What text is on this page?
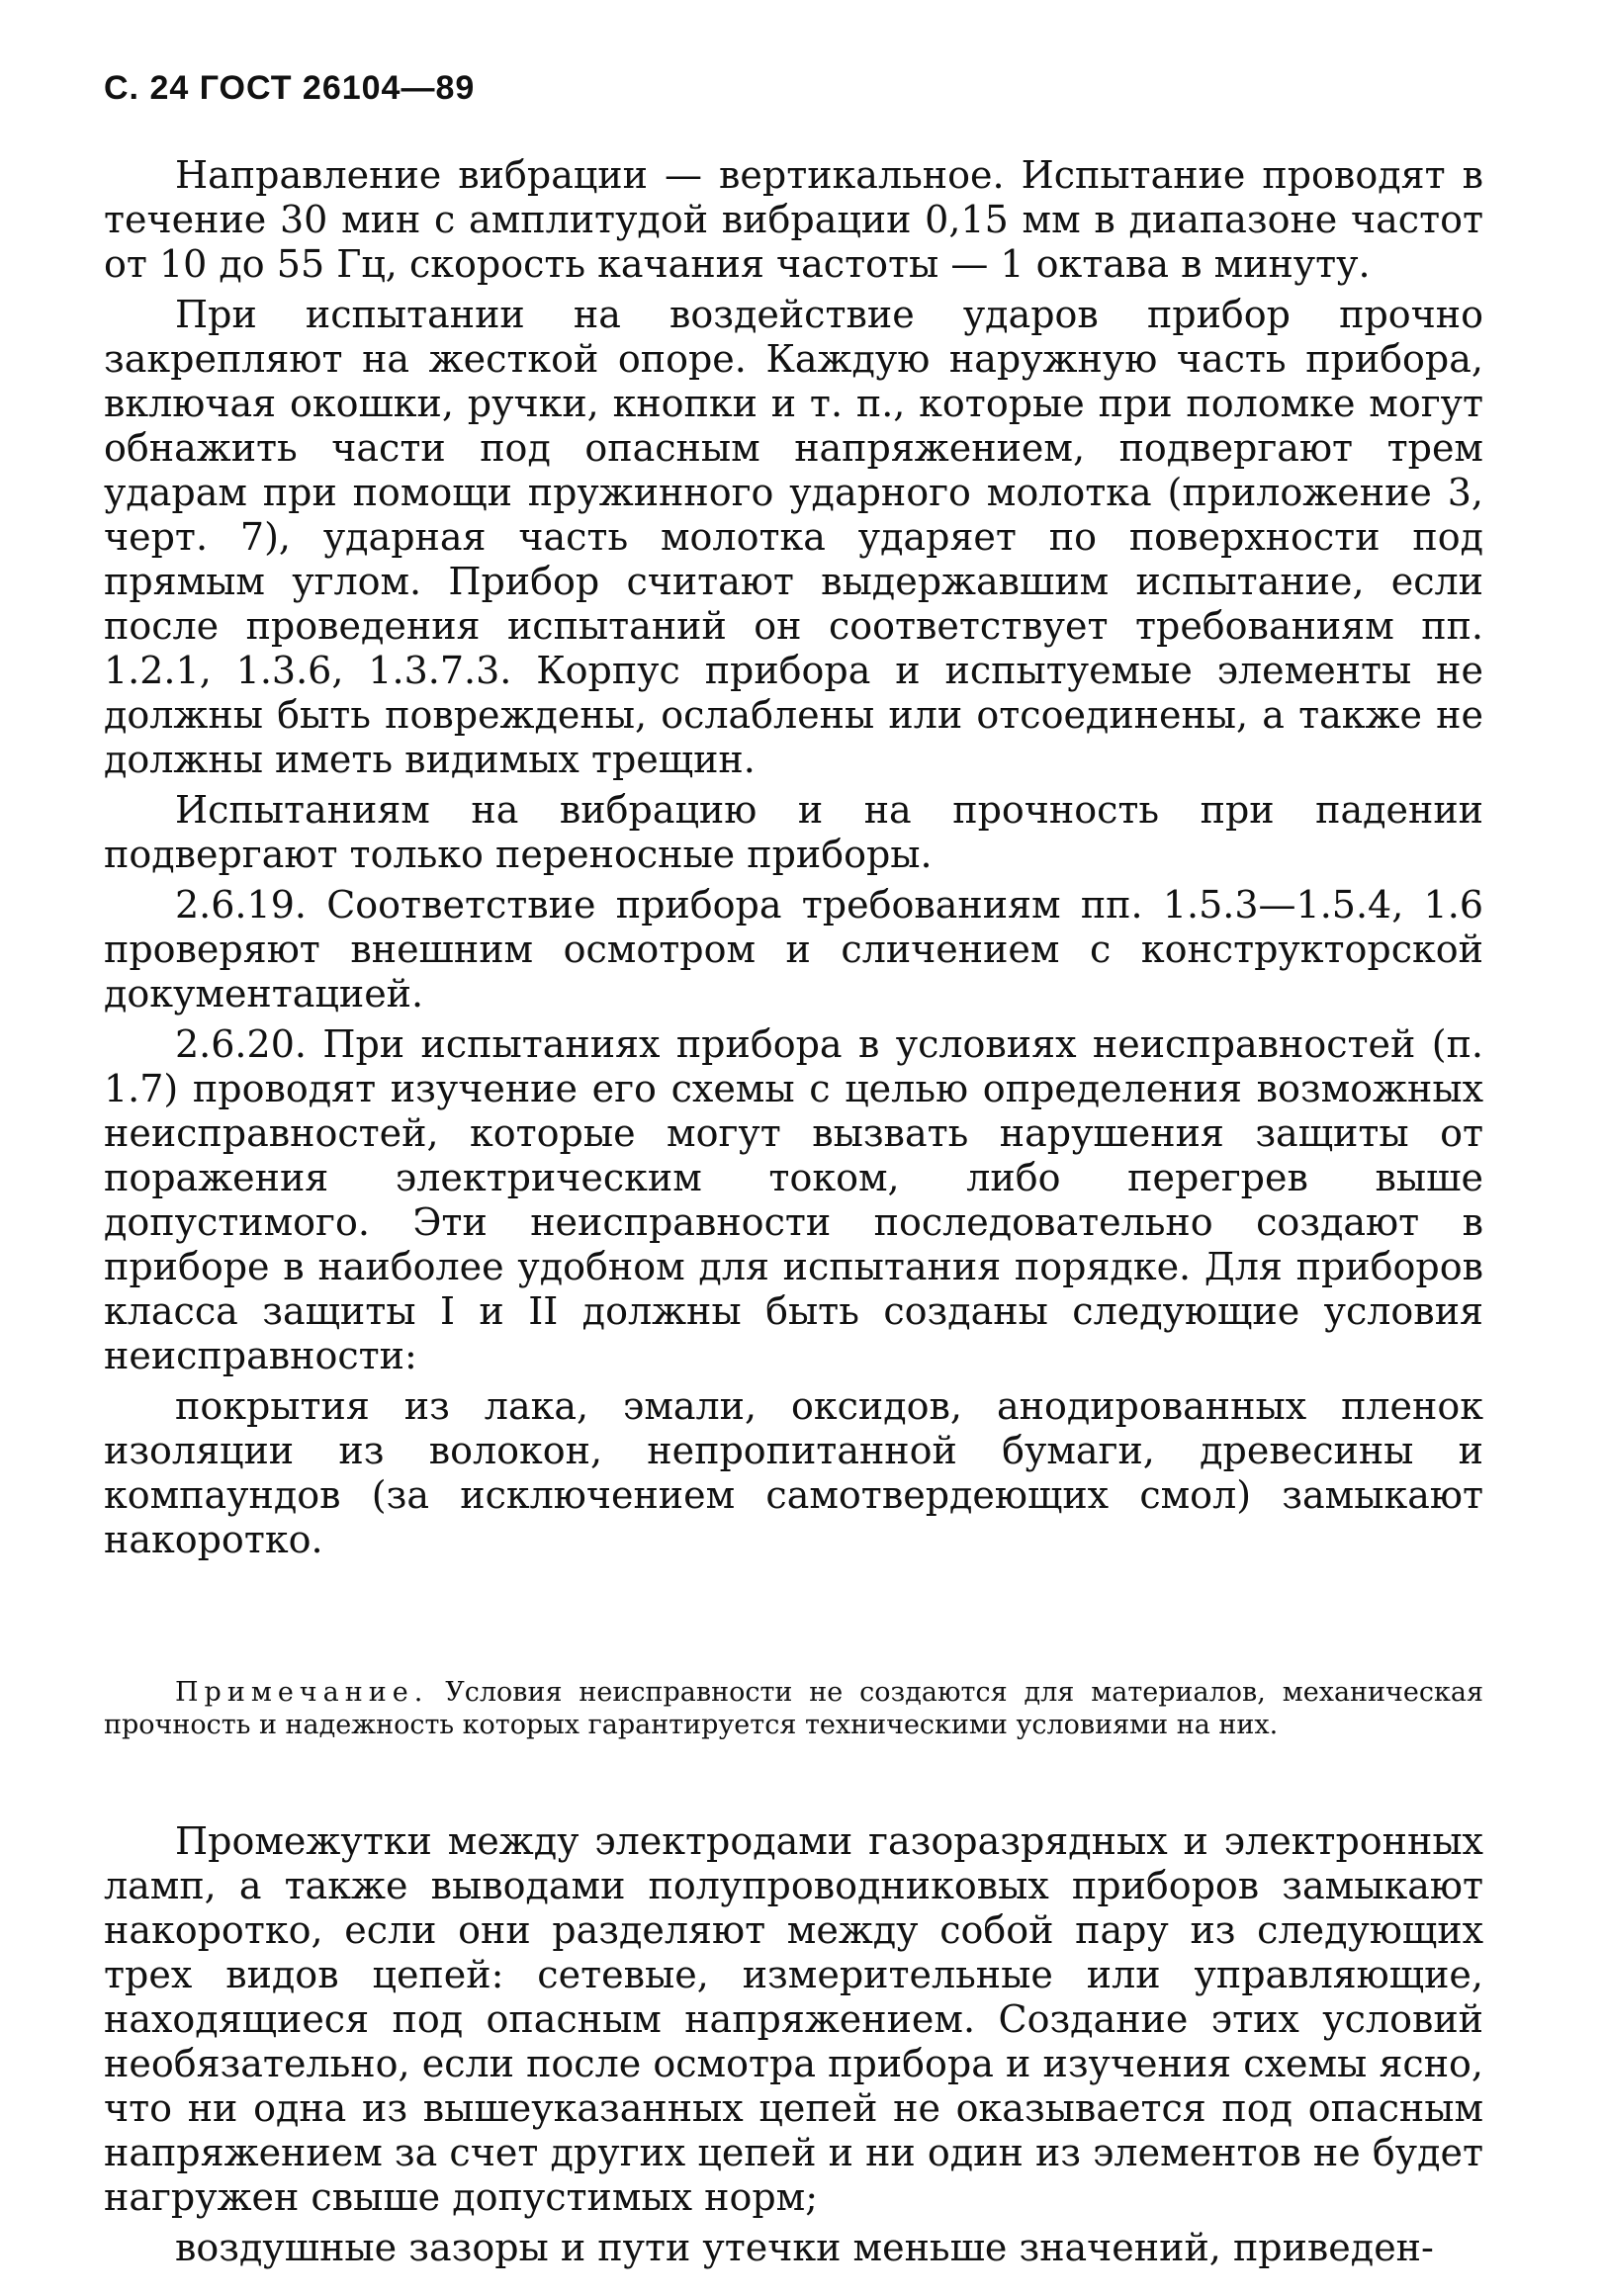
С. 24 ГОСТ 26104—89

Направление вибрации — вертикальное. Испытание проводят в течение 30 мин с амплитудой вибрации 0,15 мм в диапазоне частот от 10 до 55 Гц, скорость качания частоты — 1 октава в минуту.

При испытании на воздействие ударов прибор прочно закрепляют на жесткой опоре. Каждую наружную часть прибора, включая окошки, ручки, кнопки и т. п., которые при поломке могут обнажить части под опасным напряжением, подвергают трем ударам при помощи пружинного ударного молотка (приложение 3, черт. 7), ударная часть молотка ударяет по поверхности под прямым углом. Прибор считают выдержавшим испытание, если после проведения испытаний он соответствует требованиям пп. 1.2.1, 1.3.6, 1.3.7.3. Корпус прибора и испытуемые элементы не должны быть повреждены, ослаблены или отсоединены, а также не должны иметь видимых трещин.

Испытаниям на вибрацию и на прочность при падении подвергают только переносные приборы.

2.6.19. Соответствие прибора требованиям пп. 1.5.3—1.5.4, 1.6 проверяют внешним осмотром и сличением с конструкторской документацией.

2.6.20. При испытаниях прибора в условиях неисправностей (п. 1.7) проводят изучение его схемы с целью определения возможных неисправностей, которые могут вызвать нарушения защиты от поражения электрическим током, либо перегрев выше допустимого. Эти неисправности последовательно создают в приборе в наиболее удобном для испытания порядке. Для приборов класса защиты I и II должны быть созданы следующие условия неисправности:

покрытия из лака, эмали, оксидов, анодированных пленок изоляции из волокон, непропитанной бумаги, древесины и компаундов (за исключением самотвердеющих смол) замыкают накоротко.

Примечание. Условия неисправности не создаются для материалов, механическая прочность и надежность которых гарантируется техническими условиями на них.

Промежутки между электродами газоразрядных и электронных ламп, а также выводами полупроводниковых приборов замыкают накоротко, если они разделяют между собой пару из следующих трех видов цепей: сетевые, измерительные или управляющие, находящиеся под опасным напряжением. Создание этих условий необязательно, если после осмотра прибора и изучения схемы ясно, что ни одна из вышеуказанных цепей не оказывается под опасным напряжением за счет других цепей и ни один из элементов не будет нагружен свыше допустимых норм;

воздушные зазоры и пути утечки меньше значений, приведен-
